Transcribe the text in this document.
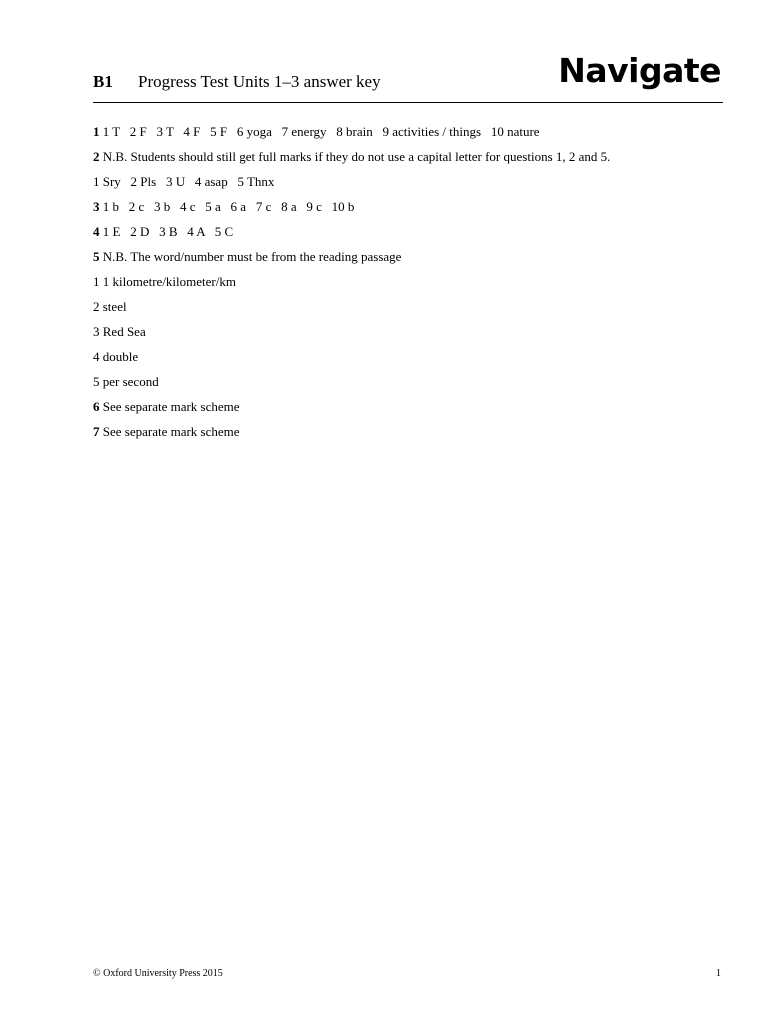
B1 Progress Test Units 1–3 answer key	Navigate
1 1 T   2 F   3 T   4 F   5 F   6 yoga   7 energy   8 brain   9 activities / things   10 nature
2 N.B. Students should still get full marks if they do not use a capital letter for questions 1, 2 and 5.
1 Sry   2 Pls   3 U   4 asap   5 Thnx
3 1 b   2 c   3 b   4 c   5 a   6 a   7 c   8 a   9 c   10 b
4 1 E   2 D   3 B   4 A   5 C
5 N.B. The word/number must be from the reading passage
1 1 kilometre/kilometer/km
2 steel
3 Red Sea
4 double
5 per second
6 See separate mark scheme
7 See separate mark scheme
© Oxford University Press 2015	1
